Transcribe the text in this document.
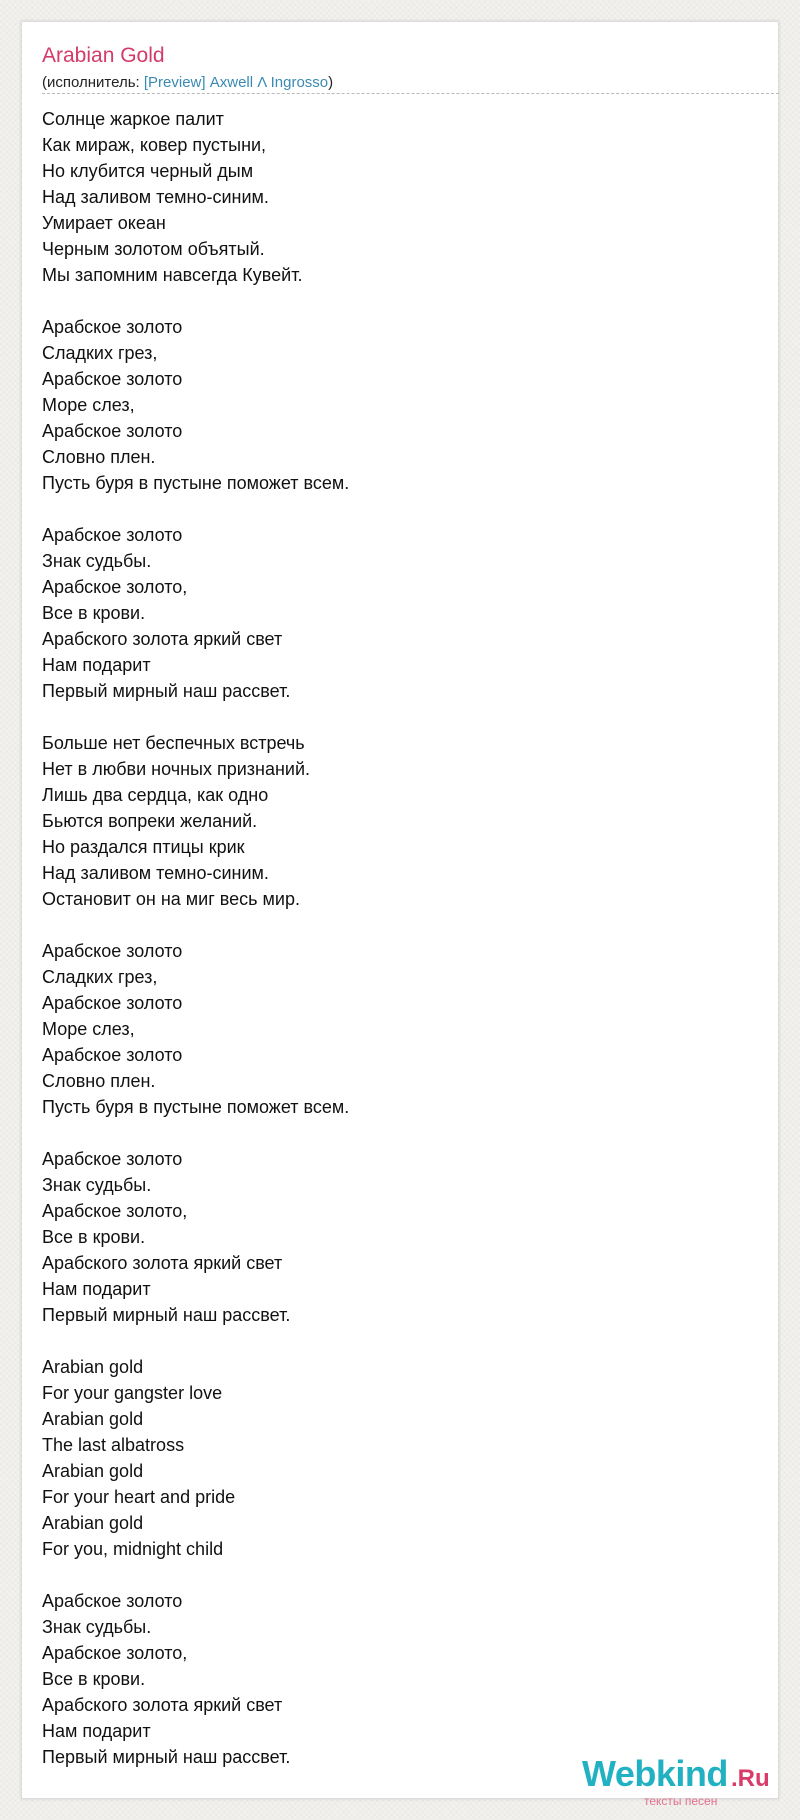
Arabian Gold
(исполнитель: [Preview] Axwell Λ Ingrosso)
Солнце жаркое палит
Как мираж, ковер пустыни,
Но клубится черный дым
Над заливом темно-синим.
Умирает океан
Черным золотом объятый.
Мы запомним навсегда Кувейт.
Арабское золото
Сладких грез,
Арабское золото
Море слез,
Арабское золото
Словно плен.
Пусть буря в пустыне поможет всем.
Арабское золото
Знак судьбы.
Арабское золото,
Все в крови.
Арабского золота яркий свет
Нам подарит
Первый мирный наш рассвет.
Больше нет беспечных встречь
Нет в любви ночных признаний.
Лишь два сердца, как одно
Бьются вопреки желаний.
Но раздался птицы крик
Над заливом темно-синим.
Остановит он на миг весь мир.
Арабское золото
Сладких грез,
Арабское золото
Море слез,
Арабское золото
Словно плен.
Пусть буря в пустыне поможет всем.
Арабское золото
Знак судьбы.
Арабское золото,
Все в крови.
Арабского золота яркий свет
Нам подарит
Первый мирный наш рассвет.
Arabian gold
For your gangster love
Arabian gold
The last albatross
Arabian gold
For your heart and pride
Arabian gold
For you, midnight child
Арабское золото
Знак судьбы.
Арабское золото,
Все в крови.
Арабского золота яркий свет
Нам подарит
Первый мирный наш рассвет.	Webkind .Ru
тексты песен
